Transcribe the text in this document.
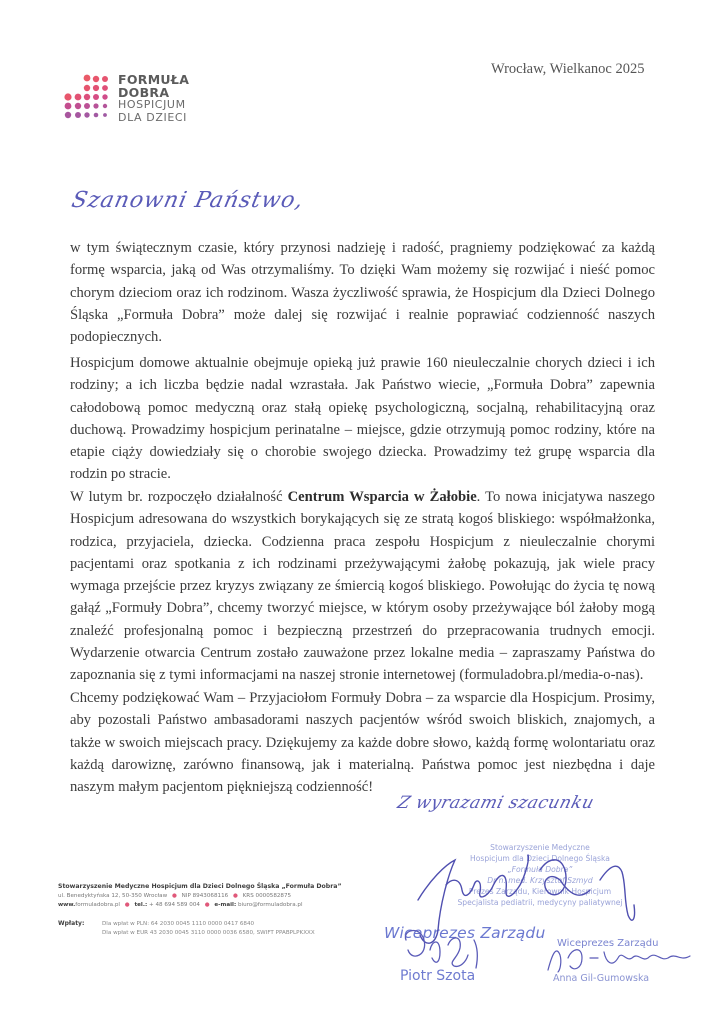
FORMUŁA
DOBRA
HOSPICJUM
DLA DZIECI
Wrocław, Wielkanoc 2025
Szanowni Państwo,

w tym świątecznym czasie, który przynosi nadzieję i radość, pragniemy podziękować za każdą formę wsparcia, jaką od Was otrzymaliśmy. To dzięki Wam możemy się rozwijać i nieść pomoc chorym dzieciom oraz ich rodzinom. Wasza życzliwość sprawia, że Hospicjum dla Dzieci Dolnego Śląska „Formuła Dobra” może dalej się rozwijać i realnie poprawiać codzienność naszych podopiecznych.

Hospicjum domowe aktualnie obejmuje opieką już prawie 160 nieuleczalnie chorych dzieci i ich rodziny; a ich liczba będzie nadal wzrastała. Jak Państwo wiecie, „Formuła Dobra” zapewnia całodobową pomoc medyczną oraz stałą opiekę psychologiczną, socjalną, rehabilitacyjną oraz duchową. Prowadzimy hospicjum perinatalne – miejsce, gdzie otrzymują pomoc rodziny, które na etapie ciąży dowiedziały się o chorobie swojego dziecka. Prowadzimy też grupę wsparcia dla rodzin po stracie.

W lutym br. rozpoczęło działalność Centrum Wsparcia w Żałobie. To nowa inicjatywa naszego Hospicjum adresowana do wszystkich borykających się ze stratą kogoś bliskiego: współmałżonka, rodzica, przyjaciela, dziecka. Codzienna praca zespołu Hospicjum z nieuleczalnie chorymi pacjentami oraz spotkania z ich rodzinami przeżywającymi żałobę pokazują, jak wiele pracy wymaga przejście przez kryzys związany ze śmiercią kogoś bliskiego. Powołując do życia tę nową gałąź „Formuły Dobra”, chcemy tworzyć miejsce, w którym osoby przeżywające ból żałoby mogą znaleźć profesjonalną pomoc i bezpieczną przestrzeń do przepracowania trudnych emocji. Wydarzenie otwarcia Centrum zostało zauważone przez lokalne media – zapraszamy Państwa do zapoznania się z tymi informacjami na naszej stronie internetowej (formuladobra.pl/media-o-nas).

Chcemy podziękować Wam – Przyjaciołom Formuły Dobra – za wsparcie dla Hospicjum. Prosimy, aby pozostali Państwo ambasadorami naszych pacjentów wśród swoich bliskich, znajomych, a także w swoich miejscach pracy. Dziękujemy za każde dobre słowo, każdą formę wolontariatu oraz każdą darowiznę, zarówno finansową, jak i materialną. Państwa pomoc jest niezbędna i daje naszym małym pacjentom piękniejszą codzienność!

Z wyrazami szacunku
Stowarzyszenie Medyczne
Hospicjum dla Dzieci Dolnego Śląska
„Formuła Dobra”
Dr n. med. Krzysztof Szmyd
Prezes Zarządu, Kierownik Hospicjum
Specjalista pediatrii, medycyny paliatywnej
Wiceprezes Zarządu
Piotr Szota
Wiceprezes Zarządu
Anna Gil-Gumowska
Stowarzyszenie Medyczne Hospicjum dla Dzieci Dolnego Śląska „Formuła Dobra”
ul. Benedyktyńska 12, 50-350 Wrocław ● NIP 8943068116 ● KRS 0000582875
www.formuladobra.pl ● tel.: + 48 694 589 004 ● e-mail: biuro@formuladobra.pl
Wpłaty:	Dla wpłat w PLN: 64 2030 0045 1110 0000 0417 6840
Dla wpłat w EUR 43 2030 0045 3110 0000 0036 6580, SWIFT PPABPLPKXXX
